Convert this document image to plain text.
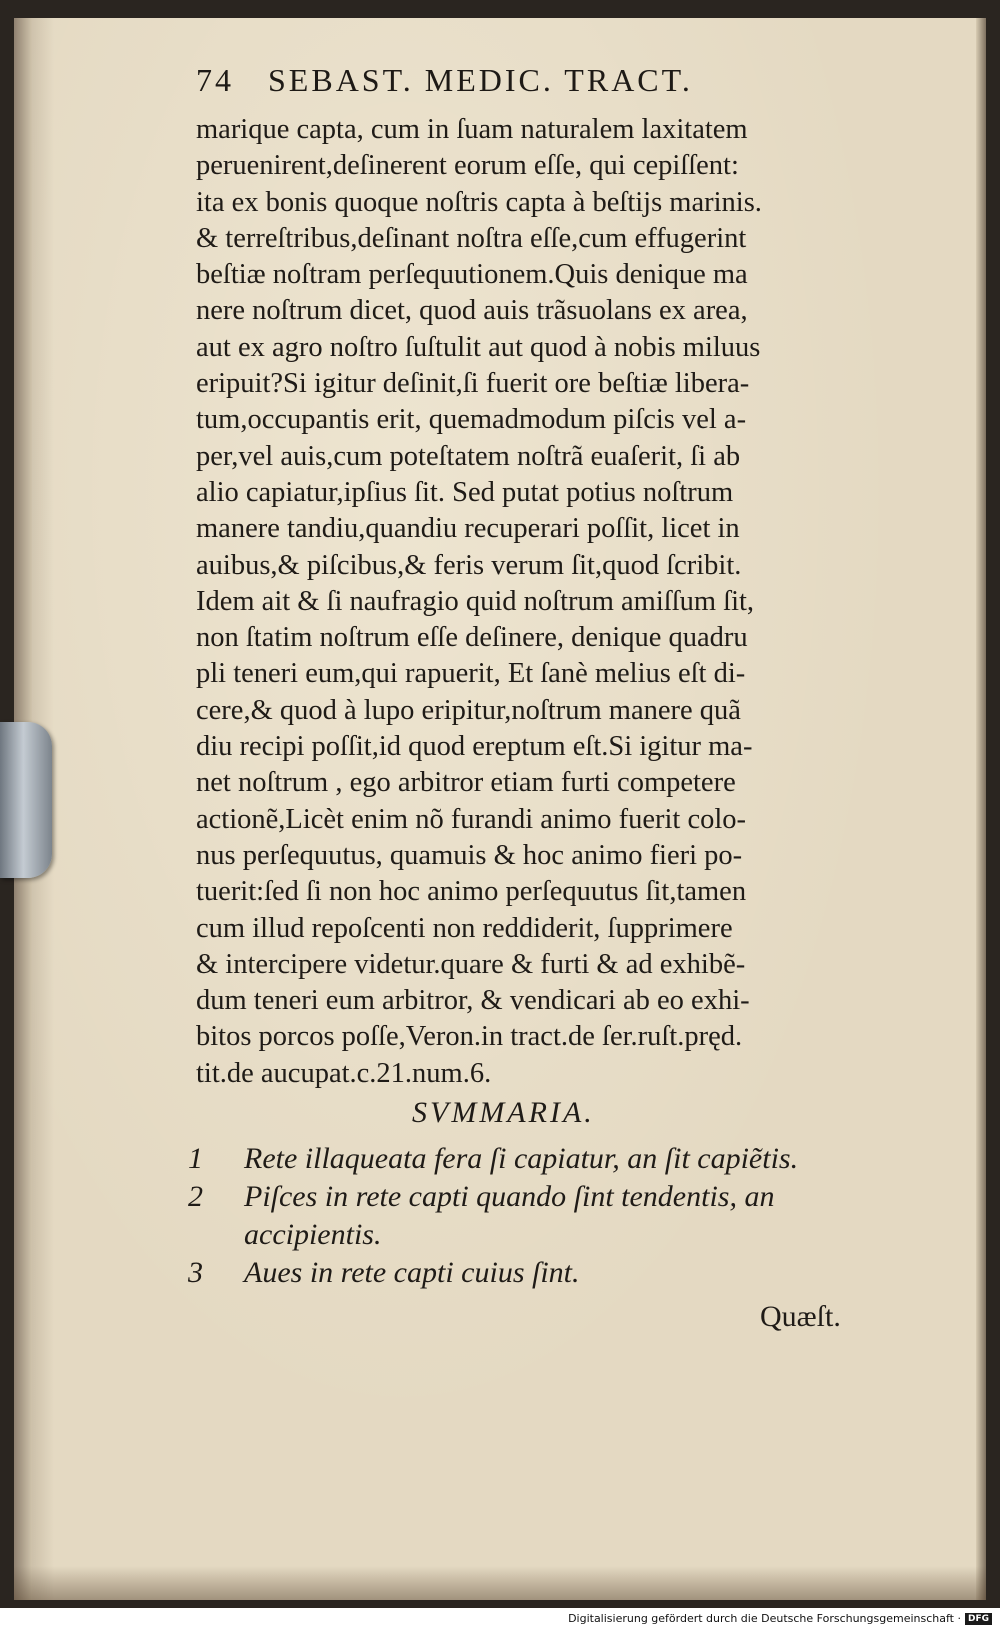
74 SEBAST. MEDIC. TRACT.
marique capta, cum in ſuam naturalem laxitatem
peruenirent,deſinerent eorum eſſe, qui cepiſſent:
ita ex bonis quoque noſtris capta à beſtijs marinis.
& terreſtribus,deſinant noſtra eſſe,cum effugerint
beſtiæ noſtram perſequutionem.Quis denique ma
nere noſtrum dicet, quod auis trãsuolans ex area,
aut ex agro noſtro ſuſtulit aut quod à nobis miluus
eripuit?Si igitur deſinit,ſi fuerit ore beſtiæ libera-
tum,occupantis erit, quemadmodum piſcis vel a-
per,vel auis,cum poteſtatem noſtrã euaſerit, ſi ab
alio capiatur,ipſius ſit. Sed putat potius noſtrum
manere tandiu,quandiu recuperari poſſit, licet in
auibus,& piſcibus,& feris verum ſit,quod ſcribit.
Idem ait & ſi naufragio quid noſtrum amiſſum ſit,
non ſtatim noſtrum eſſe deſinere, denique quadru
pli teneri eum,qui rapuerit, Et ſanè melius eſt di-
cere,& quod à lupo eripitur,noſtrum manere quã
diu recipi poſſit,id quod ereptum eſt.Si igitur ma-
net noſtrum , ego arbitror etiam furti competere
actionẽ,Licèt enim nõ furandi animo fuerit colo-
nus perſequutus, quamuis & hoc animo fieri po-
tuerit:ſed ſi non hoc animo perſequutus ſit,tamen
cum illud repoſcenti non reddiderit, ſupprimere
& intercipere videtur.quare & furti & ad exhibẽ-
dum teneri eum arbitror, & vendicari ab eo exhi-
bitos porcos poſſe,Veron.in tract.de ſer.ruſt.pręd.
tit.de aucupat.c.21.num.6.
SVMMARIA.
1 Rete illaqueata fera ſi capiatur, an ſit capiẽtis.
2 Piſces in rete capti quando ſint tendentis, an accipientis.
3 Aues in rete capti cuius ſint.
Quæſt.
Digitalisierung gefördert durch die Deutsche Forschungsgemeinschaft · DFG
